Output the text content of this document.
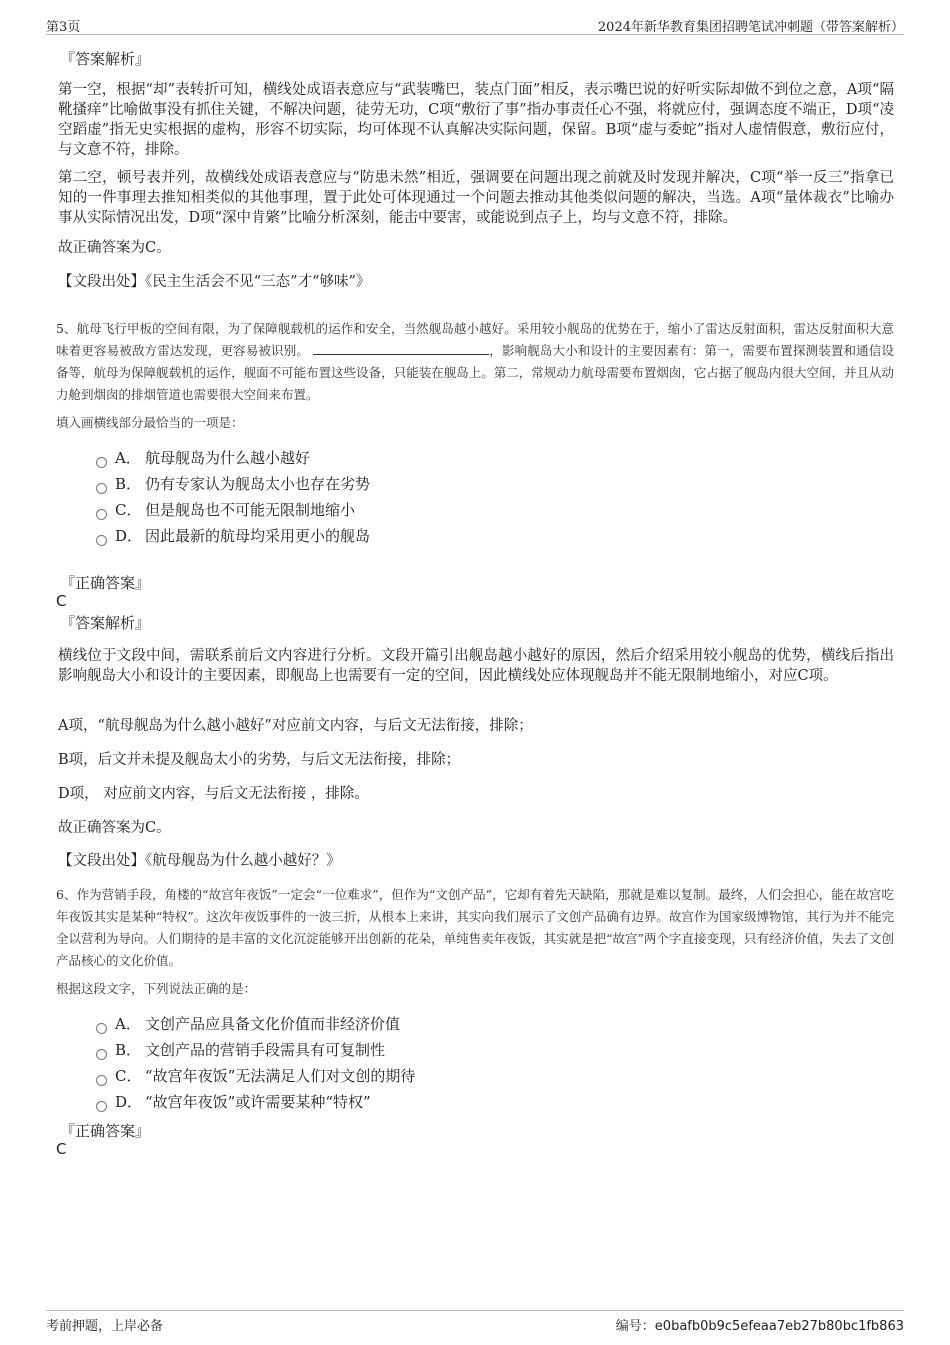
第3页	2024年新华教育集团招聘笔试冲刺题（带答案解析）
『答案解析』

第一空，根据“却”表转折可知，横线处成语表意应与“武装嘴巴，装点门面”相反，表示嘴巴说的好听实际却做不到位之意，A项“隔靴搔痒”比喻做事没有抓住关键，不解决问题，徒劳无功，C项“敷衍了事”指办事责任心不强，将就应付，强调态度不端正，D项“凌空蹈虚”指无史实根据的虚构，形容不切实际，均可体现不认真解决实际问题，保留。B项“虚与委蛇”指对人虚情假意，敷衍应付，与文意不符，排除。

第二空，顿号表并列，故横线处成语表意应与“防患未然”相近，强调要在问题出现之前就及时发现并解决，C项“举一反三”指拿已知的一件事理去推知相类似的其他事理，置于此处可体现通过一个问题去推动其他类似问题的解决，当选。A项“量体裁衣”比喻办事从实际情况出发，D项“深中肯綮”比喻分析深刻，能击中要害，或能说到点子上，均与文意不符，排除。

故正确答案为C。
【文段出处】《民主生活会不见“三态”才“够味”》

5、航母飞行甲板的空间有限，为了保障舰载机的运作和安全，当然舰岛越小越好。采用较小舰岛的优势在于，缩小了雷达反射面积，雷达反射面积大意味着更容易被敌方雷达发现，更容易被识别。	，影响舰岛大小和设计的主要因素有：第一，需要布置探测装置和通信设备等，航母为保障舰载机的运作，舰面不可能布置这些设备，只能装在舰岛上。第二，常规动力航母需要布置烟囱，它占据了舰岛内很大空间，并且从动力舱到烟囱的排烟管道也需要很大空间来布置。

填入画横线部分最恰当的一项是：
A． 航母舰岛为什么越小越好
B． 仍有专家认为舰岛太小也存在劣势
C． 但是舰岛也不可能无限制地缩小
D． 因此最新的航母均采用更小的舰岛
『正确答案』
C
『答案解析』

横线位于文段中间，需联系前后文内容进行分析。文段开篇引出舰岛越小越好的原因，然后介绍采用较小舰岛的优势，横线后指出影响舰岛大小和设计的主要因素，即舰岛上也需要有一定的空间，因此横线处应体现舰岛并不能无限制地缩小，对应C项。

A项，“航母舰岛为什么越小越好”对应前文内容，与后文无法衔接，排除；
B项，后文并未提及舰岛太小的劣势，与后文无法衔接，排除；
D项， 对应前文内容，与后文无法衔接 ，排除。
故正确答案为C。
【文段出处】《航母舰岛为什么越小越好？》

6、作为营销手段，角楼的“故宫年夜饭”一定会“一位难求”，但作为“文创产品”，它却有着先天缺陷，那就是难以复制。最终，人们会担心，能在故宫吃年夜饭其实是某种“特权”。这次年夜饭事件的一波三折，从根本上来讲，其实向我们展示了文创产品确有边界。故宫作为国家级博物馆，其行为并不能完全以营利为导向。人们期待的是丰富的文化沉淀能够开出创新的花朵，单纯售卖年夜饭，其实就是把“故宫”两个字直接变现，只有经济价值，失去了文创产品核心的文化价值。

根据这段文字，下列说法正确的是：
A． 文创产品应具备文化价值而非经济价值
B． 文创产品的营销手段需具有可复制性
C． “故宫年夜饭”无法满足人们对文创的期待
D． “故宫年夜饭”或许需要某种“特权”
『正确答案』
C
考前押题，上岸必备	编号：e0bafb0b9c5efeaa7eb27b80bc1fb863
